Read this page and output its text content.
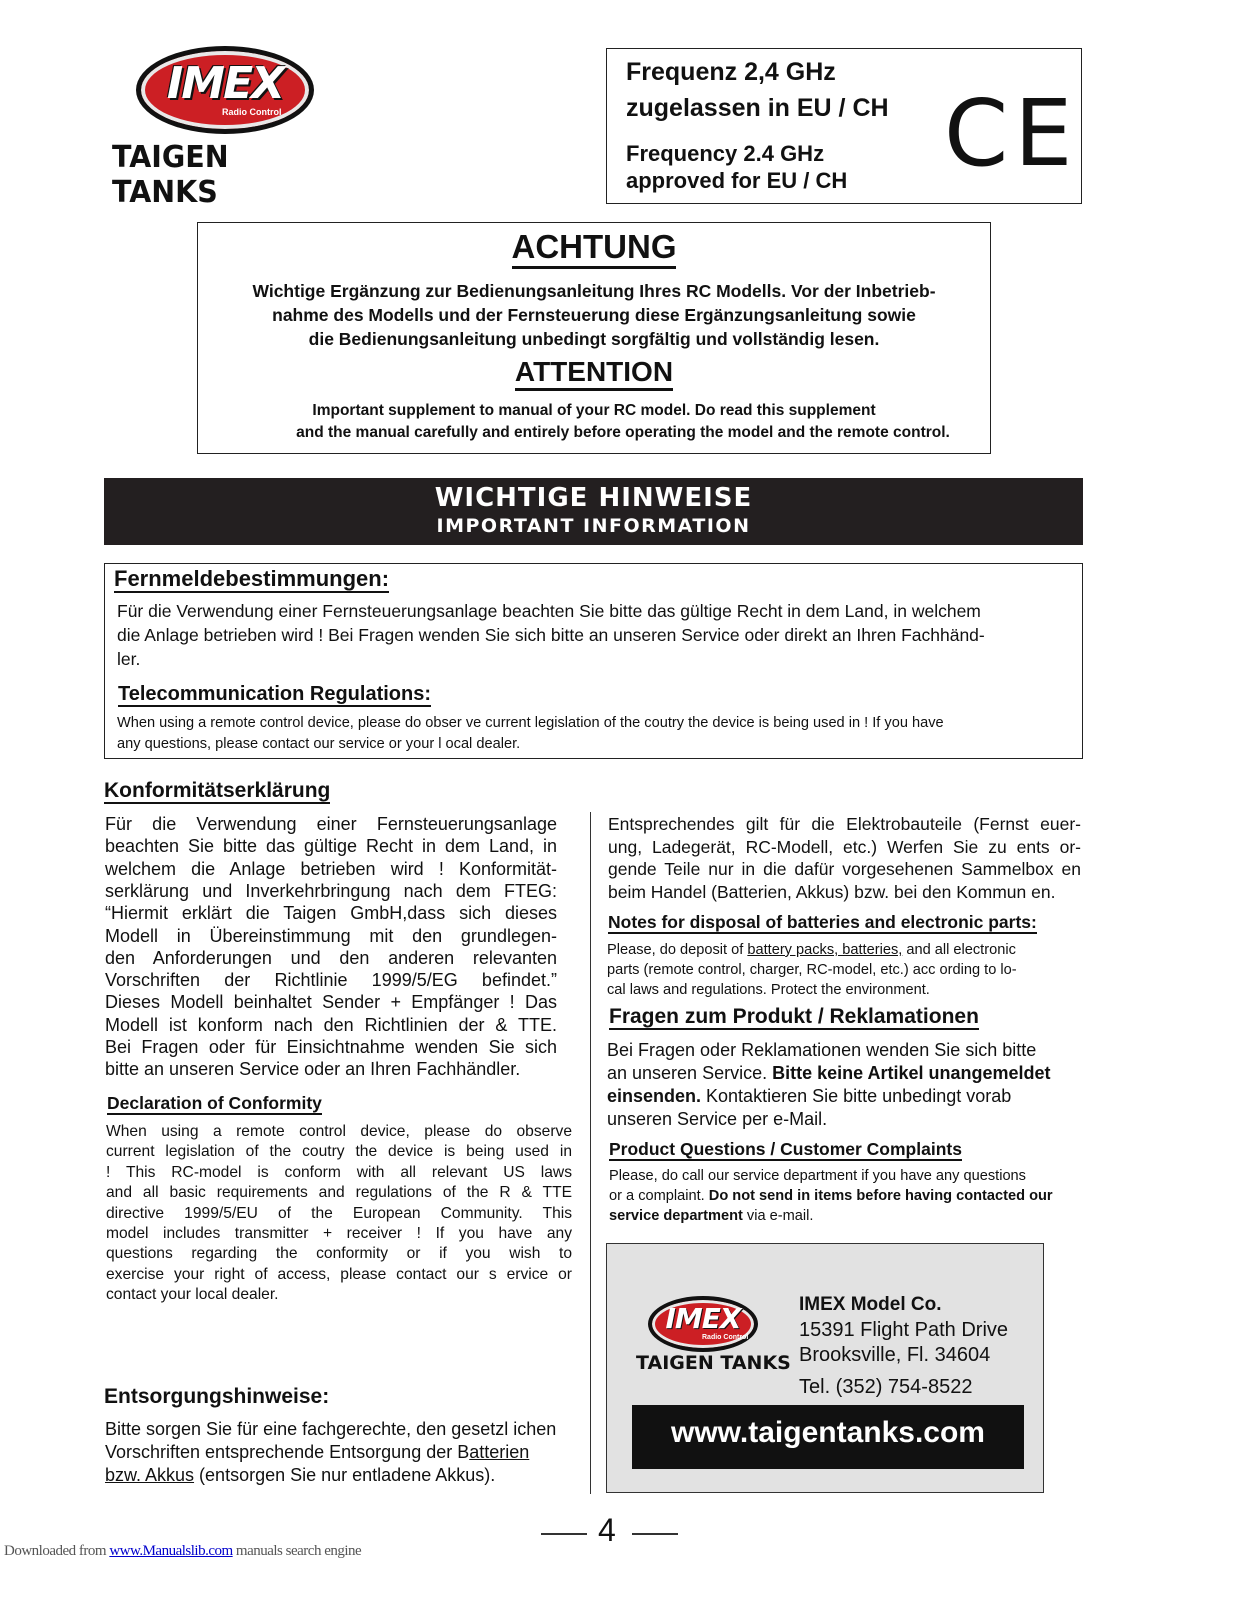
IMEX
Radio Control
TAIGEN TANKS
Frequenz 2,4 GHz
zugelassen in EU / CH
Frequency 2.4 GHz
approved for EU / CH CE
ACHTUNG
Wichtige Ergänzung zur Bedienungsanleitung Ihres RC Modells. Vor der Inbetrieb-
nahme des Modells und der Fernsteuerung diese Ergänzungsanleitung sowie
die Bedienungsanleitung unbedingt sorgfältig und vollständig lesen.
ATTENTION
Important supplement to manual of your RC model. Do read this supplement
and the manual carefully and entirely before operating the model and the remote control.
WICHTIGE HINWEISE
IMPORTANT INFORMATION
Fernmeldebestimmungen:
Für die Verwendung einer Fernsteuerungsanlage beachten Sie bitte das gültige Recht in dem Land, in welchem
die Anlage betrieben wird ! Bei Fragen wenden Sie sich bitte an unseren Service oder direkt an Ihren Fachhänd-
ler.
Telecommunication Regulations:
When using a remote control device, please do obser ve current legislation of the coutry the device is being used in ! If you have
any questions, please contact our service or your l ocal dealer.
Konformitätserklärung
Für die Verwendung einer Fernsteuerungsanlage
beachten Sie bitte das gültige Recht in dem Land, in
welchem die Anlage betrieben wird ! Konformität-
serklärung und Inverkehrbringung nach dem FTEG:
“Hiermit erklärt die Taigen GmbH,dass sich dieses
Modell in Übereinstimmung mit den grundlegen-
den Anforderungen und den anderen relevanten
Vorschriften der Richtlinie 1999/5/EG befindet.”
Dieses Modell beinhaltet Sender + Empfänger ! Das
Modell ist konform nach den Richtlinien der & TTE.
Bei Fragen oder für Einsichtnahme wenden Sie sich
bitte an unseren Service oder an Ihren Fachhändler.
Declaration of Conformity
When using a remote control device, please do observe
current legislation of the coutry the device is being used in
! This RC-model is conform with all relevant US laws
and all basic requirements and regulations of the R & TTE
directive 1999/5/EU of the European Community. This
model includes transmitter + receiver ! If you have any
questions regarding the conformity or if you wish to
exercise your right of access, please contact our s ervice or
contact your local dealer.
Entsorgungshinweise:
Bitte sorgen Sie für eine fachgerechte, den gesetzl ichen
Vorschriften entsprechende Entsorgung der Batterien
bzw. Akkus (entsorgen Sie nur entladene Akkus).
Entsprechendes gilt für die Elektrobauteile (Fernst euer-
ung, Ladegerät, RC-Modell, etc.) Werfen Sie zu ents or-
gende Teile nur in die dafür vorgesehenen Sammelbox en
beim Handel (Batterien, Akkus) bzw. bei den Kommun en.
Notes for disposal of batteries and electronic parts:
Please, do deposit of battery packs, batteries, and all electronic
parts (remote control, charger, RC-model, etc.) acc ording to lo-
cal laws and regulations. Protect the environment.
Fragen zum Produkt / Reklamationen
Bei Fragen oder Reklamationen wenden Sie sich bitte
an unseren Service. Bitte keine Artikel unangemeldet
einsenden. Kontaktieren Sie bitte unbedingt vorab
unseren Service per e-Mail.
Product Questions / Customer Complaints
Please, do call our service department if you have any questions
or a complaint. Do not send in items before having contacted our
service department via e-mail.
IMEX
Radio Control
TAIGEN TANKS
IMEX Model Co.
15391 Flight Path Drive
Brooksville, Fl. 34604
Tel. (352) 754-8522
www.taigentanks.com
4
Downloaded from www.Manualslib.com manuals search engine
